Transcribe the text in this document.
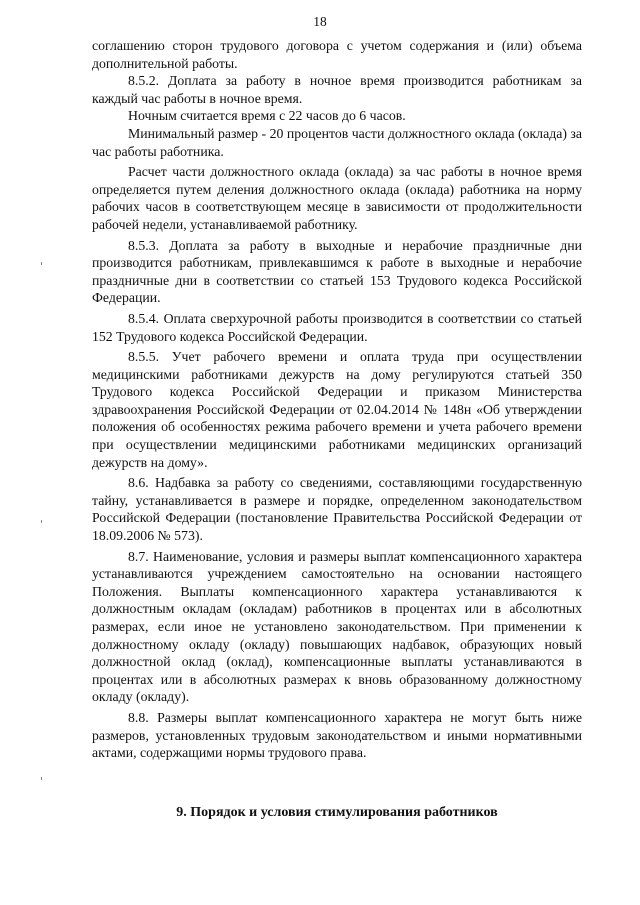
18

соглашению сторон трудового договора с учетом содержания и (или) объема дополнительной работы.

8.5.2. Доплата за работу в ночное время производится работникам за каждый час работы в ночное время.

Ночным считается время с 22 часов до 6 часов.

Минимальный размер - 20 процентов части должностного оклада (оклада) за час работы работника.

Расчет части должностного оклада (оклада) за час работы в ночное время определяется путем деления должностного оклада (оклада) работника на норму рабочих часов в соответствующем месяце в зависимости от продолжительности рабочей недели, устанавливаемой работнику.

8.5.3. Доплата за работу в выходные и нерабочие праздничные дни производится работникам, привлекавшимся к работе в выходные и нерабочие праздничные дни в соответствии со статьей 153 Трудового кодекса Российской Федерации.

8.5.4. Оплата сверхурочной работы производится в соответствии со статьей 152 Трудового кодекса Российской Федерации.

8.5.5. Учет рабочего времени и оплата труда при осуществлении медицинскими работниками дежурств на дому регулируются статьей 350 Трудового кодекса Российской Федерации и приказом Министерства здравоохранения Российской Федерации от 02.04.2014 № 148н «Об утверждении положения об особенностях режима рабочего времени и учета рабочего времени при осуществлении медицинскими работниками медицинских организаций дежурств на дому».

8.6. Надбавка за работу со сведениями, составляющими государственную тайну, устанавливается в размере и порядке, определенном законодательством Российской Федерации (постановление Правительства Российской Федерации от 18.09.2006 № 573).

8.7. Наименование, условия и размеры выплат компенсационного характера устанавливаются учреждением самостоятельно на основании настоящего Положения. Выплаты компенсационного характера устанавливаются к должностным окладам (окладам) работников в процентах или в абсолютных размерах, если иное не установлено законодательством. При применении к должностному окладу (окладу) повышающих надбавок, образующих новый должностной оклад (оклад), компенсационные выплаты устанавливаются в процентах или в абсолютных размерах к вновь образованному должностному окладу (окладу).

8.8. Размеры выплат компенсационного характера не могут быть ниже размеров, установленных трудовым законодательством и иными нормативными актами, содержащими нормы трудового права.

9. Порядок и условия стимулирования работников
